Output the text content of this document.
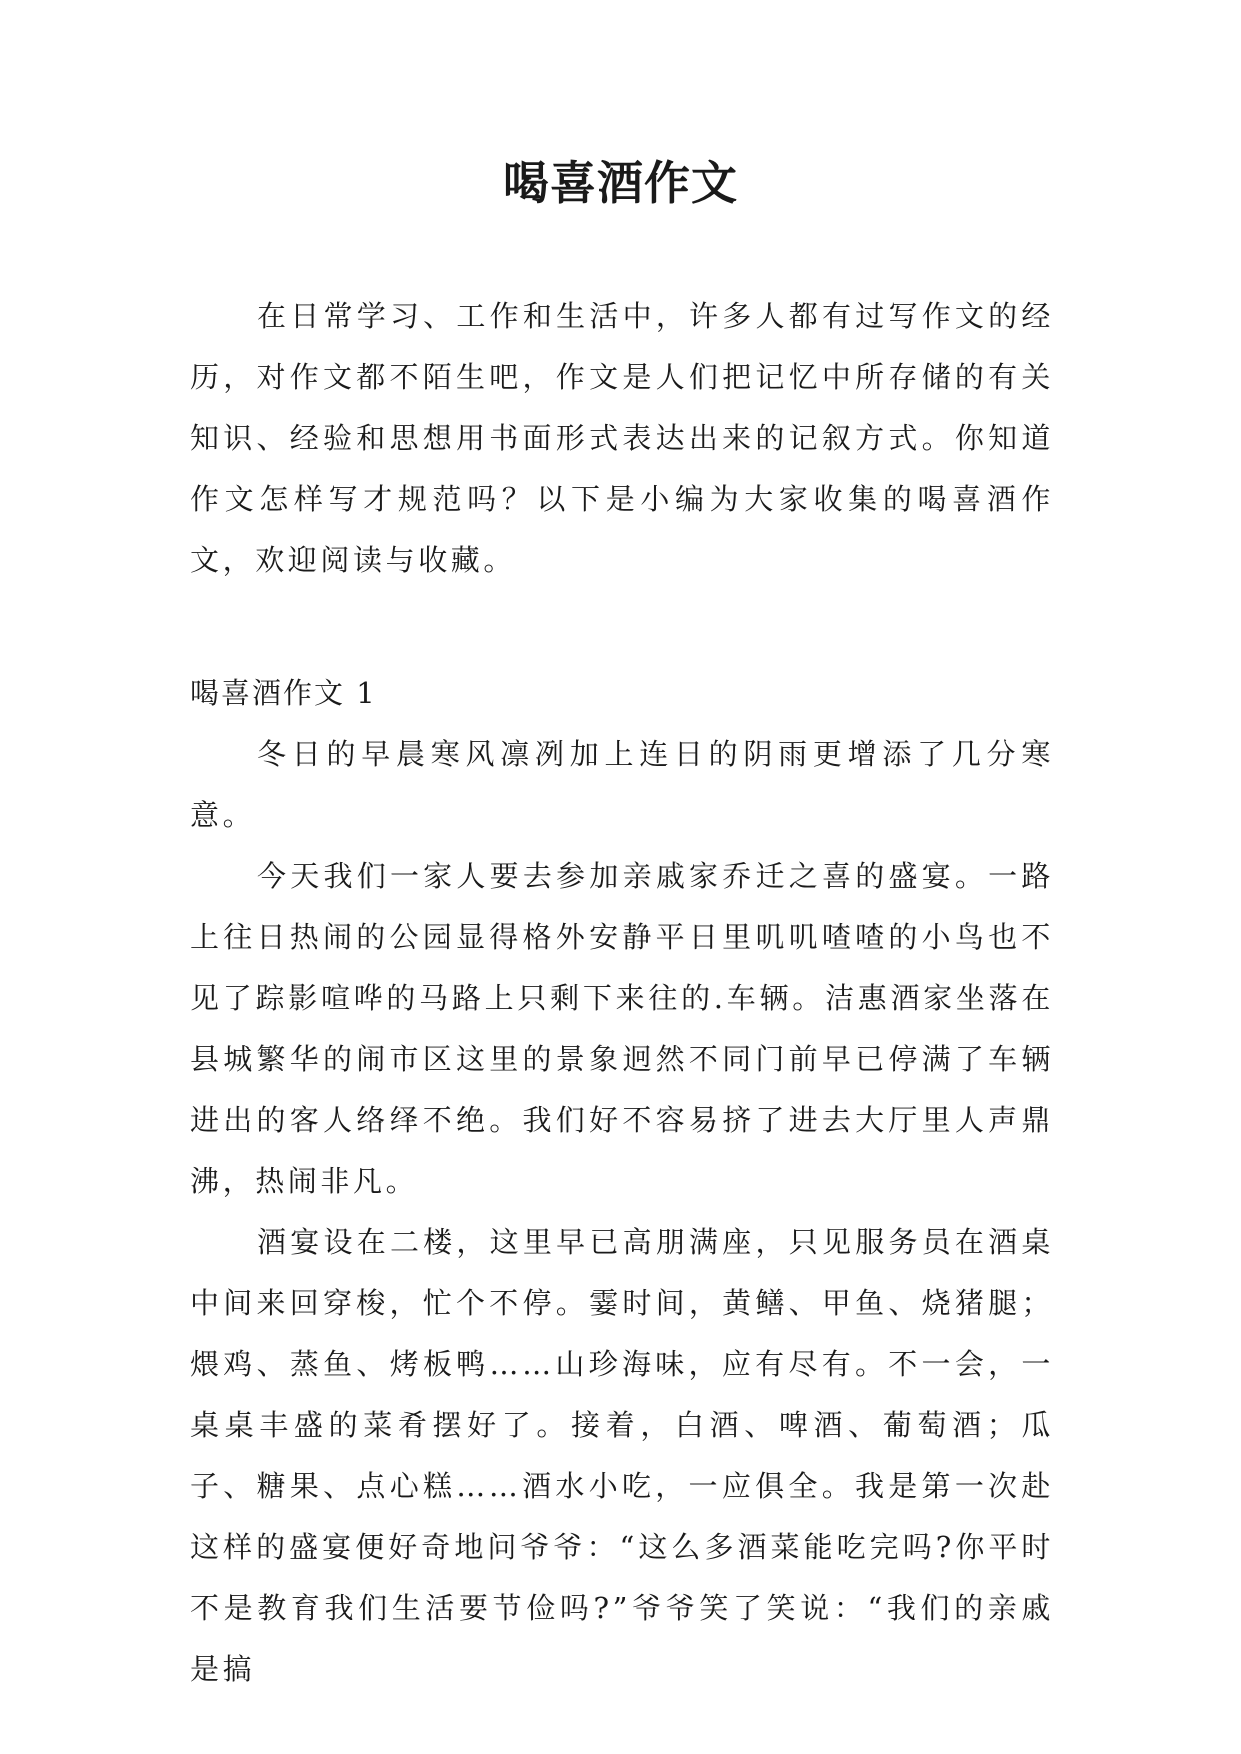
喝喜酒作文

在日常学习、工作和生活中，许多人都有过写作文的经历，对作文都不陌生吧，作文是人们把记忆中所存储的有关知识、经验和思想用书面形式表达出来的记叙方式。你知道作文怎样写才规范吗？以下是小编为大家收集的喝喜酒作文，欢迎阅读与收藏。

喝喜酒作文 1

冬日的早晨寒风凛冽加上连日的阴雨更增添了几分寒意。

今天我们一家人要去参加亲戚家乔迁之喜的盛宴。一路上往日热闹的公园显得格外安静平日里叽叽喳喳的小鸟也不见了踪影喧哗的马路上只剩下来往的.车辆。洁惠酒家坐落在县城繁华的闹市区这里的景象迥然不同门前早已停满了车辆进出的客人络绎不绝。我们好不容易挤了进去大厅里人声鼎沸，热闹非凡。

酒宴设在二楼，这里早已高朋满座，只见服务员在酒桌中间来回穿梭，忙个不停。霎时间，黄鳝、甲鱼、烧猪腿；煨鸡、蒸鱼、烤板鸭……山珍海味，应有尽有。不一会，一桌桌丰盛的菜肴摆好了。接着，白酒、啤酒、葡萄酒；瓜子、糖果、点心糕……酒水小吃，一应俱全。我是第一次赴这样的盛宴便好奇地问爷爷：“这么多酒菜能吃完吗?你平时不是教育我们生活要节俭吗?”爷爷笑了笑说：“我们的亲戚是搞
